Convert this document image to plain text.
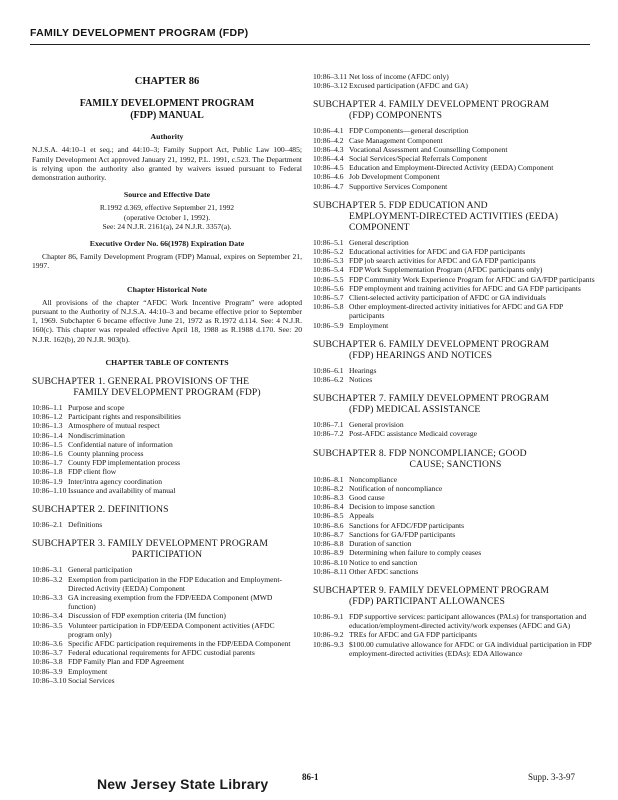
FAMILY DEVELOPMENT PROGRAM (FDP)
CHAPTER 86
FAMILY DEVELOPMENT PROGRAM
(FDP) MANUAL
Authority
N.J.S.A. 44:10–1 et seq.; and 44:10–3; Family Support Act, Public Law 100–485; Family Development Act approved January 21, 1992, P.L. 1991, c.523. The Department is relying upon the authority also granted by waivers issued pursuant to Federal demonstration authority.
Source and Effective Date
R.1992 d.369, effective September 21, 1992
(operative October 1, 1992).
See: 24 N.J.R. 2161(a), 24 N.J.R. 3357(a).
Executive Order No. 66(1978) Expiration Date
Chapter 86, Family Development Program (FDP) Manual, expires on September 21, 1997.
Chapter Historical Note
All provisions of the chapter “AFDC Work Incentive Program” were adopted pursuant to the Authority of N.J.S.A. 44:10–3 and became effective prior to September 1, 1969. Subchapter 6 became effective June 21, 1972 as R.1972 d.114. See: 4 N.J.R. 160(c). This chapter was repealed effective April 18, 1988 as R.1988 d.170. See: 20 N.J.R. 162(b), 20 N.J.R. 903(b).
CHAPTER TABLE OF CONTENTS
SUBCHAPTER 1. GENERAL PROVISIONS OF THE
FAMILY DEVELOPMENT PROGRAM (FDP)
10:86–1.1 Purpose and scope
10:86–1.2 Participant rights and responsibilities
10:86–1.3 Atmosphere of mutual respect
10:86–1.4 Nondiscrimination
10:86–1.5 Confidential nature of information
10:86–1.6 County planning process
10:86–1.7 County FDP implementation process
10:86–1.8 FDP client flow
10:86–1.9 Inter/intra agency coordination
10:86–1.10 Issuance and availability of manual
SUBCHAPTER 2. DEFINITIONS
10:86–2.1 Definitions
SUBCHAPTER 3. FAMILY DEVELOPMENT PROGRAM
PARTICIPATION
10:86–3.1 General participation
10:86–3.2 Exemption from participation in the FDP Education and Employment-Directed Activity (EEDA) Component
10:86–3.3 GA increasing exemption from the FDP/EEDA Component (MWD function)
10:86–3.4 Discussion of FDP exemption criteria (IM function)
10:86–3.5 Volunteer participation in FDP/EEDA Component activities (AFDC program only)
10:86–3.6 Specific AFDC participation requirements in the FDP/EEDA Component
10:86–3.7 Federal educational requirements for AFDC custodial parents
10:86–3.8 FDP Family Plan and FDP Agreement
10:86–3.9 Employment
10:86–3.10 Social Services
10:86–3.11 Net loss of income (AFDC only)
10:86–3.12 Excused participation (AFDC and GA)
SUBCHAPTER 4. FAMILY DEVELOPMENT PROGRAM
(FDP) COMPONENTS
10:86–4.1 FDP Components—general description
10:86–4.2 Case Management Component
10:86–4.3 Vocational Assessment and Counselling Component
10:86–4.4 Social Services/Special Referrals Component
10:86–4.5 Education and Employment-Directed Activity (EEDA) Component
10:86–4.6 Job Development Component
10:86–4.7 Supportive Services Component
SUBCHAPTER 5. FDP EDUCATION AND
EMPLOYMENT-DIRECTED ACTIVITIES (EEDA)
COMPONENT
10:86–5.1 General description
10:86–5.2 Educational activities for AFDC and GA FDP participants
10:86–5.3 FDP job search activities for AFDC and GA FDP participants
10:86–5.4 FDP Work Supplementation Program (AFDC participants only)
10:86–5.5 FDP Community Work Experience Program for AFDC and GA/FDP participants
10:86–5.6 FDP employment and training activities for AFDC and GA FDP participants
10:86–5.7 Client-selected activity participation of AFDC or GA individuals
10:86–5.8 Other employment-directed activity initiatives for AFDC and GA FDP participants
10:86–5.9 Employment
SUBCHAPTER 6. FAMILY DEVELOPMENT PROGRAM
(FDP) HEARINGS AND NOTICES
10:86–6.1 Hearings
10:86–6.2 Notices
SUBCHAPTER 7. FAMILY DEVELOPMENT PROGRAM
(FDP) MEDICAL ASSISTANCE
10:86–7.1 General provision
10:86–7.2 Post-AFDC assistance Medicaid coverage
SUBCHAPTER 8. FDP NONCOMPLIANCE; GOOD
CAUSE; SANCTIONS
10:86–8.1 Noncompliance
10:86–8.2 Notification of noncompliance
10:86–8.3 Good cause
10:86–8.4 Decision to impose sanction
10:86–8.5 Appeals
10:86–8.6 Sanctions for AFDC/FDP participants
10:86–8.7 Sanctions for GA/FDP participants
10:86–8.8 Duration of sanction
10:86–8.9 Determining when failure to comply ceases
10:86–8.10 Notice to end sanction
10:86–8.11 Other AFDC sanctions
SUBCHAPTER 9. FAMILY DEVELOPMENT PROGRAM
(FDP) PARTICIPANT ALLOWANCES
10:86–9.1 FDP supportive services: participant allowances (PALs) for transportation and education/employment-directed activity/work expenses (AFDC and GA)
10:86–9.2 TREs for AFDC and GA FDP participants
10:86–9.3 $100.00 cumulative allowance for AFDC or GA individual participation in FDP employment-directed activities (EDAs): EDA Allowance
New Jersey State Library	86-1	Supp. 3-3-97
